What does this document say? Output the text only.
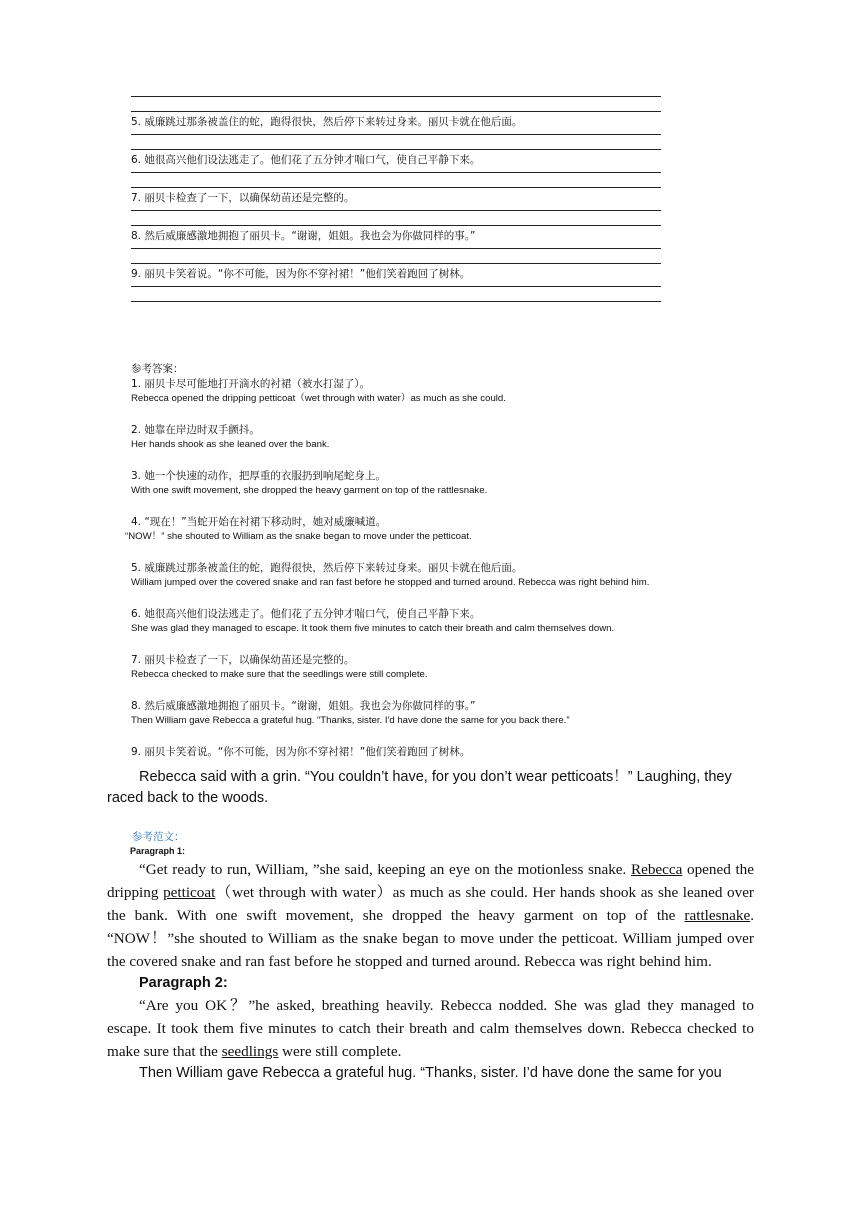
5. 威廉跳过那条被盖住的蛇，跑得很快，然后停下来转过身来。丽贝卡就在他后面。
6. 她很高兴他们设法逃走了。他们花了五分钟才喘口气，使自己平静下来。
7. 丽贝卡检查了一下，以确保幼苗还是完整的。
8. 然后威廉感激地拥抱了丽贝卡。“谢谢，姐姐。我也会为你做同样的事。”
9. 丽贝卡笑着说。“你不可能，因为你不穿衬裙！”他们笑着跑回了树林。
参考答案：
1. 丽贝卡尽可能地打开滴水的衬裙（被水打湿了）。
Rebecca opened the dripping petticoat（wet through with water）as much as she could.
2. 她靠在岸边时双手颤抖。
Her hands shook as she leaned over the bank.
3. 她一个快速的动作，把厚重的衣服扔到响尾蛇身上。
With one swift movement, she dropped the heavy garment on top of the rattlesnake.
4. “现在！”当蛇开始在衬裙下移动时，她对威廉喊道。
“NOW！” she shouted to William as the snake began to move under the petticoat.
5. 威廉跳过那条被盖住的蛇，跑得很快，然后停下来转过身来。丽贝卡就在他后面。
William jumped over the covered snake and ran fast before he stopped and turned around. Rebecca was right behind him.
6. 她很高兴他们设法逃走了。他们花了五分钟才喘口气，使自己平静下来。
She was glad they managed to escape. It took them five minutes to catch their breath and calm themselves down.
7. 丽贝卡检查了一下，以确保幼苗还是完整的。
Rebecca checked to make sure that the seedlings were still complete.
8. 然后威廉感激地拥抱了丽贝卡。“谢谢，姐姐。我也会为你做同样的事。”
Then William gave Rebecca a grateful hug. “Thanks, sister. I'd have done the same for you back there.”
9. 丽贝卡笑着说。“你不可能，因为你不穿衬裙！”他们笑着跑回了树林。
Rebecca said with a grin. “You couldn’t have, for you don’t wear petticoats！” Laughing, they raced back to the woods.
参考范文：
Paragraph 1:
“Get ready to run, William, ”she said, keeping an eye on the motionless snake. Rebecca opened the dripping petticoat（wet through with water）as much as she could. Her hands shook as she leaned over the bank. With one swift movement, she dropped the heavy garment on top of the rattlesnake. “NOW！”she shouted to William as the snake began to move under the petticoat. William jumped over the covered snake and ran fast before he stopped and turned around. Rebecca was right behind him.
Paragraph 2:
“Are you OK？”he asked, breathing heavily. Rebecca nodded. She was glad they managed to escape. It took them five minutes to catch their breath and calm themselves down. Rebecca checked to make sure that the seedlings were still complete.
Then William gave Rebecca a grateful hug. “Thanks, sister. I’d have done the same for you
